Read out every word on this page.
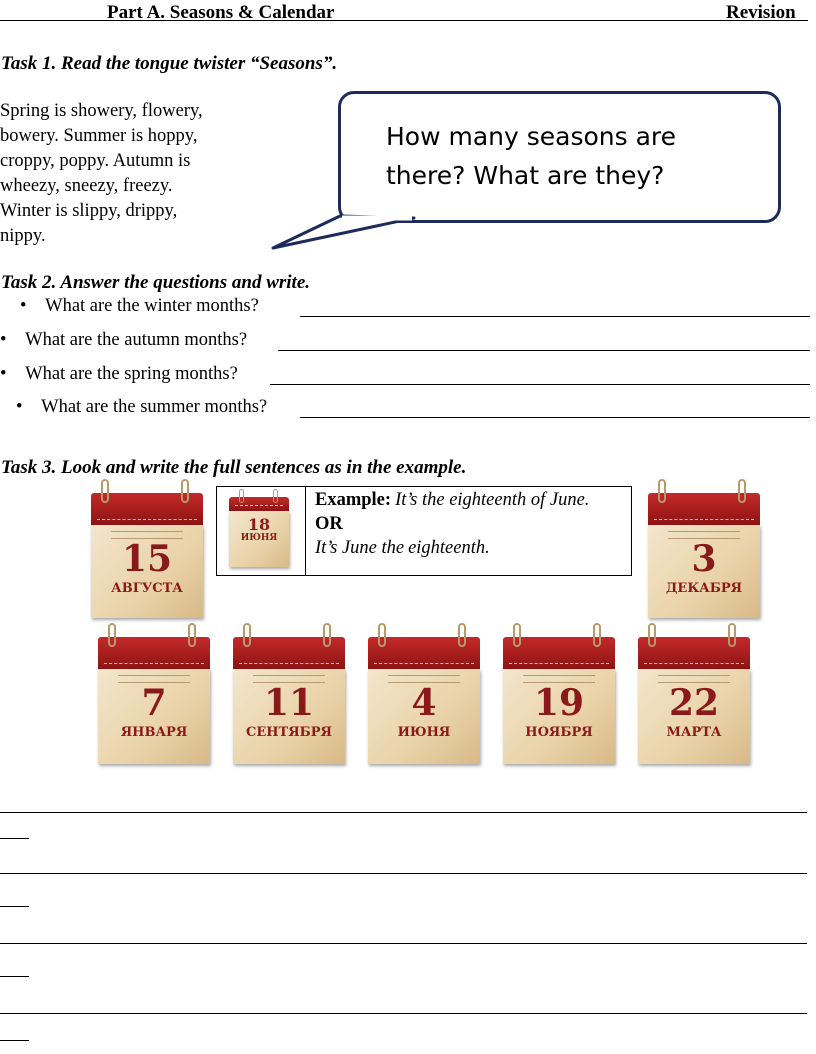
Part A. Seasons & Calendar	Revision
Task 1. Read the tongue twister “Seasons”.
Spring is showery, flowery,
bowery. Summer is hoppy,
croppy, poppy. Autumn is
wheezy, sneezy, freezy.
Winter is slippy, drippy,
nippy.
How many seasons are
there? What are they?
Task 2. Answer the questions and write.
• What are the winter months?
• What are the autumn months?
• What are the spring months?
• What are the summer months?
Task 3. Look and write the full sentences as in the example.
18
ИЮНЯ
Example: It’s the eighteenth of June.
OR
It’s June the eighteenth.
15
АВГУСТА
3
ДЕКАБРЯ
7
ЯНВАРЯ
11
СЕНТЯБРЯ
4
ИЮНЯ
19
НОЯБРЯ
22
МАРТА
